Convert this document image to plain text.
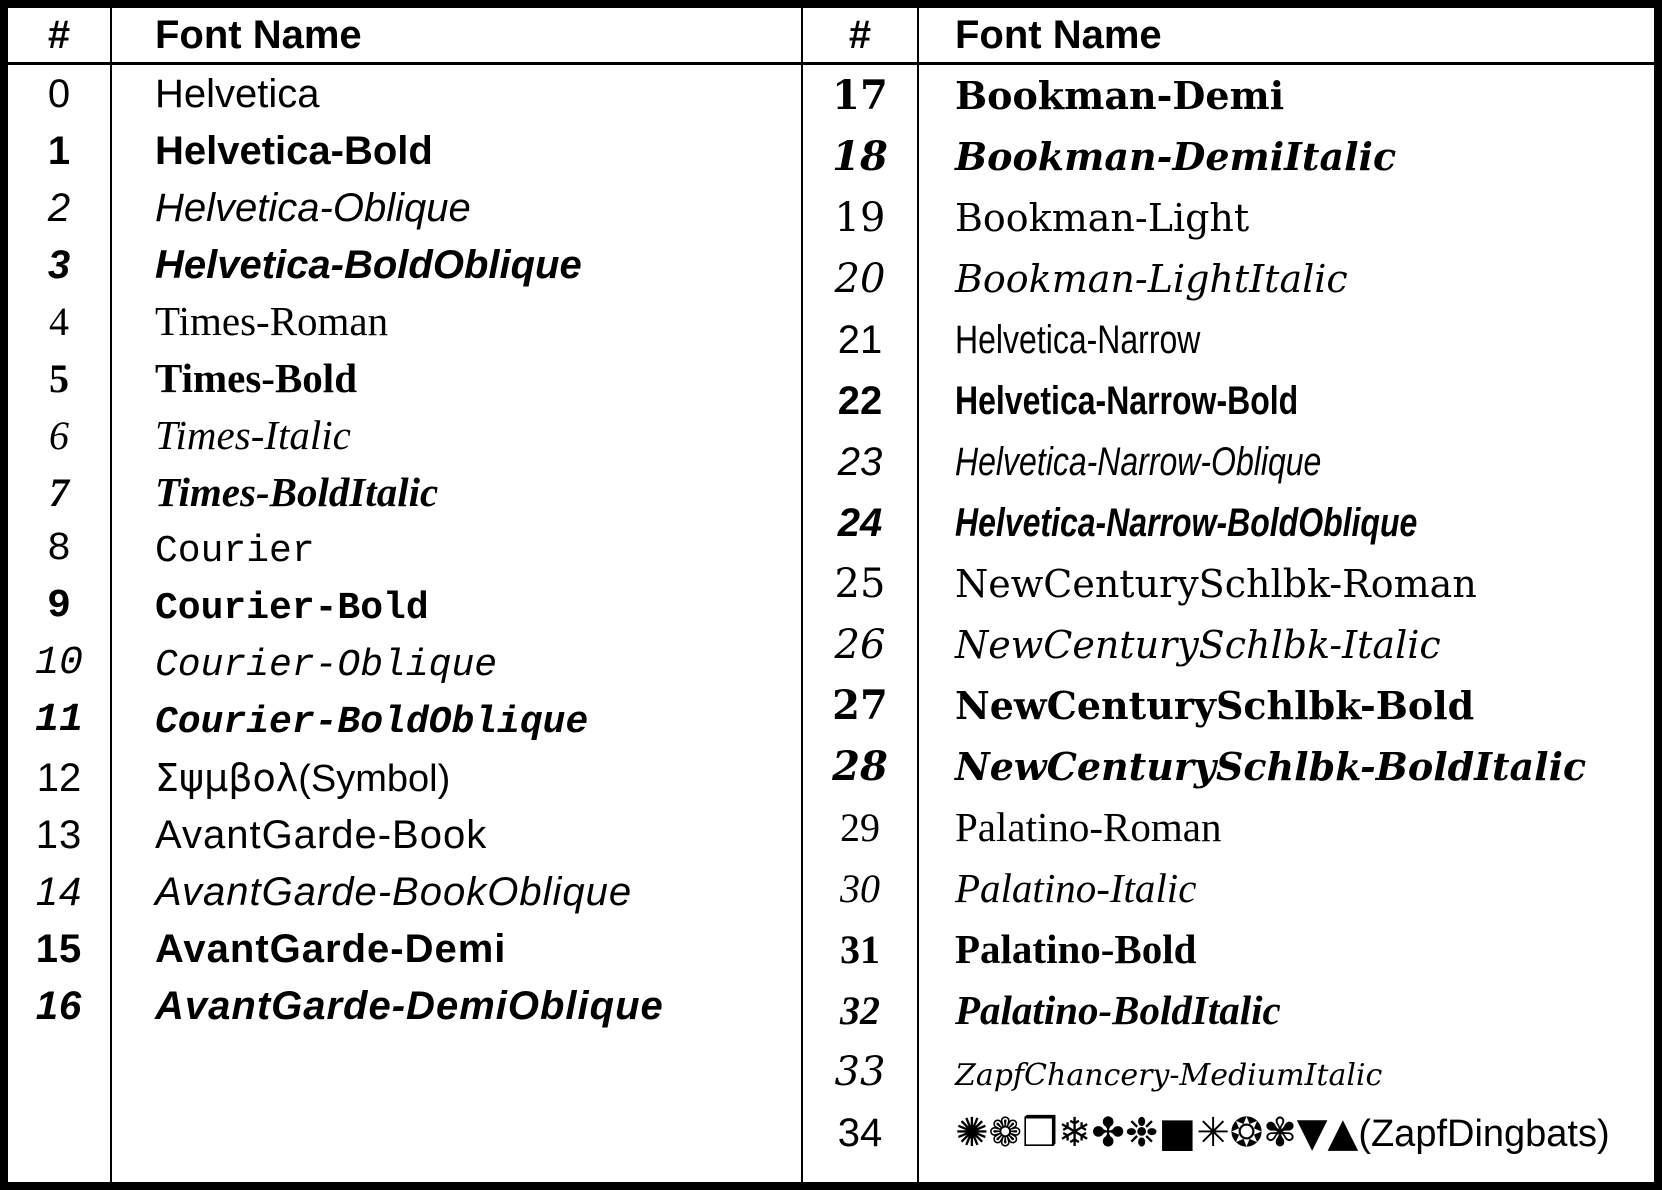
#	Font Name
0	Helvetica
1	Helvetica-Bold
2	Helvetica-Oblique
3	Helvetica-BoldOblique
4	Times-Roman
5	Times-Bold
6	Times-Italic
7	Times-BoldItalic
8	Courier
9	Courier-Bold
10	Courier-Oblique
11	Courier-BoldOblique
12	Σψμβολ(Symbol)
13	AvantGarde-Book
14	AvantGarde-BookOblique
15	AvantGarde-Demi
16	AvantGarde-DemiOblique
#	Font Name
17	Bookman-Demi
18	Bookman-DemiItalic
19	Bookman-Light
20	Bookman-LightItalic
21	Helvetica-Narrow
22	Helvetica-Narrow-Bold
23	Helvetica-Narrow-Oblique
24	Helvetica-Narrow-BoldOblique
25	NewCenturySchlbk-Roman
26	NewCenturySchlbk-Italic
27	NewCenturySchlbk-Bold
28	NewCenturySchlbk-BoldItalic
29	Palatino-Roman
30	Palatino-Italic
31	Palatino-Bold
32	Palatino-BoldItalic
33	ZapfChancery-MediumItalic
34	✺❁❒❄✤❉■✳❂✾▼▲(ZapfDingbats)
